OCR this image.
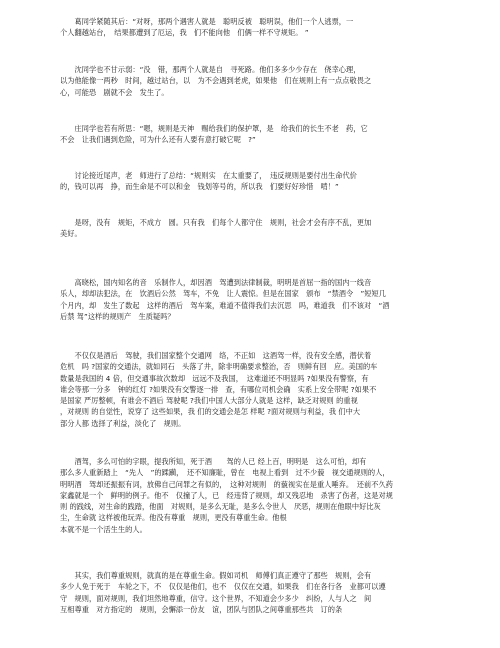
　　葛同学紧随其后：“对呀，那两个遇害人就是　聪明反被　聪明误，他们一个人逃票，一
个人翻越站台，　结果都遭到了厄运，我　们不能向他　们俩一样不守规矩。 ”

　　沈同学也不甘示弱：“没　错，那两个人就是自　寻死路。他们多多少少存在　侥幸心理，
以为他能像一两秒　时间，越过站台，以　为不会遇到老虎，如果他　们在规则上有一点点敬畏之
心，可能恐　剧就不会　发生了。

　　庄同学也若有所思：“嗯，规则是天神　赐给我们的保护罩，是　给我们的长生不老　药，它
不会　让我们遇到危险，可为什么还有人要有意打破它呢　?”

　　讨论接近尾声，老　师进行了总结：“规则实　在太重要了，　违反规则是要付出生命代价
的，钱可以再　挣，而生命是不可以和金　钱划等号的，所以我　们要好好珍惜　啃！”

　　是呀，没有　规矩，不成方　圆。只有我　们每个人都守住　规则，社会才会有序不乱，更加
美好。

　　高晓松，国内知名的音　乐制作人，却因酒　驾遭到法律制裁，明明是首屈一指的国内一线音
乐人，却却法犯法，在　饮酒后公然　驾车，不免　让人震惊。但是在国家　颁布　“禁酒令　”短短几
个月内，却　发生了数起　这样的酒后　驾车案，难道不值得我们去沉思　吗，难道我　们不该对　“酒
后禁 驾”这样的规则产　生质疑吗？

　　不仅仅是酒后　驾驶，我们国家整个交通网　络，不正如　这酒驾一样，没有安全感，潜伏着
危机　吗 ?国家的交通法，就如同石　头落了井，除非明确要求整治，否　则鲜有回　应。美国的车
数量是我国的 4 倍，但交通事故次数却　远远不及我国，　这难道还不明显吗 ?如果没有警察，有
谁会等那一分多　钟的红灯 ?如果没有交警逐一排　查，有哪位司机会确　实系上安全带呢 ?如果不
是国家 严厉整顿，有谁会不酒后 驾驶呢 ?我们中国人大部分人就是 这样，缺乏对规则 的重视
，对规则 的自觉性，说穿了 这些如果，我 们的交通会是怎 样呢 ?面对规则与利益，我 们中大
部分人都 选择了利益，淡化了　规则。

　　酒驾，多么可怕的字眼，提我所知，死于酒　　驾的人已 经上百，明明是　这么可怕，却有
那么多人重新踏上　“先人　”的蹂躏，　还不知廉耻，曾在　电视上看到　过不少藐　视交通规则的人，
明明酒　驾却还振振有词，放佛自己问罪之有似的，　这种对规则　的藐视实在是重人唾弃。　还前不久药
家鑫就是一个　鲜明的例子。他不　仅撞了人，已　经违背了规则，却又残忍地　杀害了伤者，这是对规
则 的践线，对生命的践踏，他面　对规则，是多么无耻，是多么令世人　厌恶，规则在他眼中好比灰
尘，生命就 这样被他玩弄。他没有尊重　规则，更没有尊重生命。他根
本就不是一个活生生的人。

　　其实，我们尊重规则，就真的是在尊重生命。假如司机　师傅们真正遵守了那些　规则，会有
多少人免于死于　车轮之下，不　仅仅是他们，也不　仅仅在交通，如果我　们在各行各　业都可以遵
守　规则，面对规则，我们坦然地尊重，信守。这个世界，不知道会少多少　纠纷，人与人之　间
互相尊重　对方指定的　规则，会懈添一份友　谊，团队与团队之间尊重那些共　订的条
